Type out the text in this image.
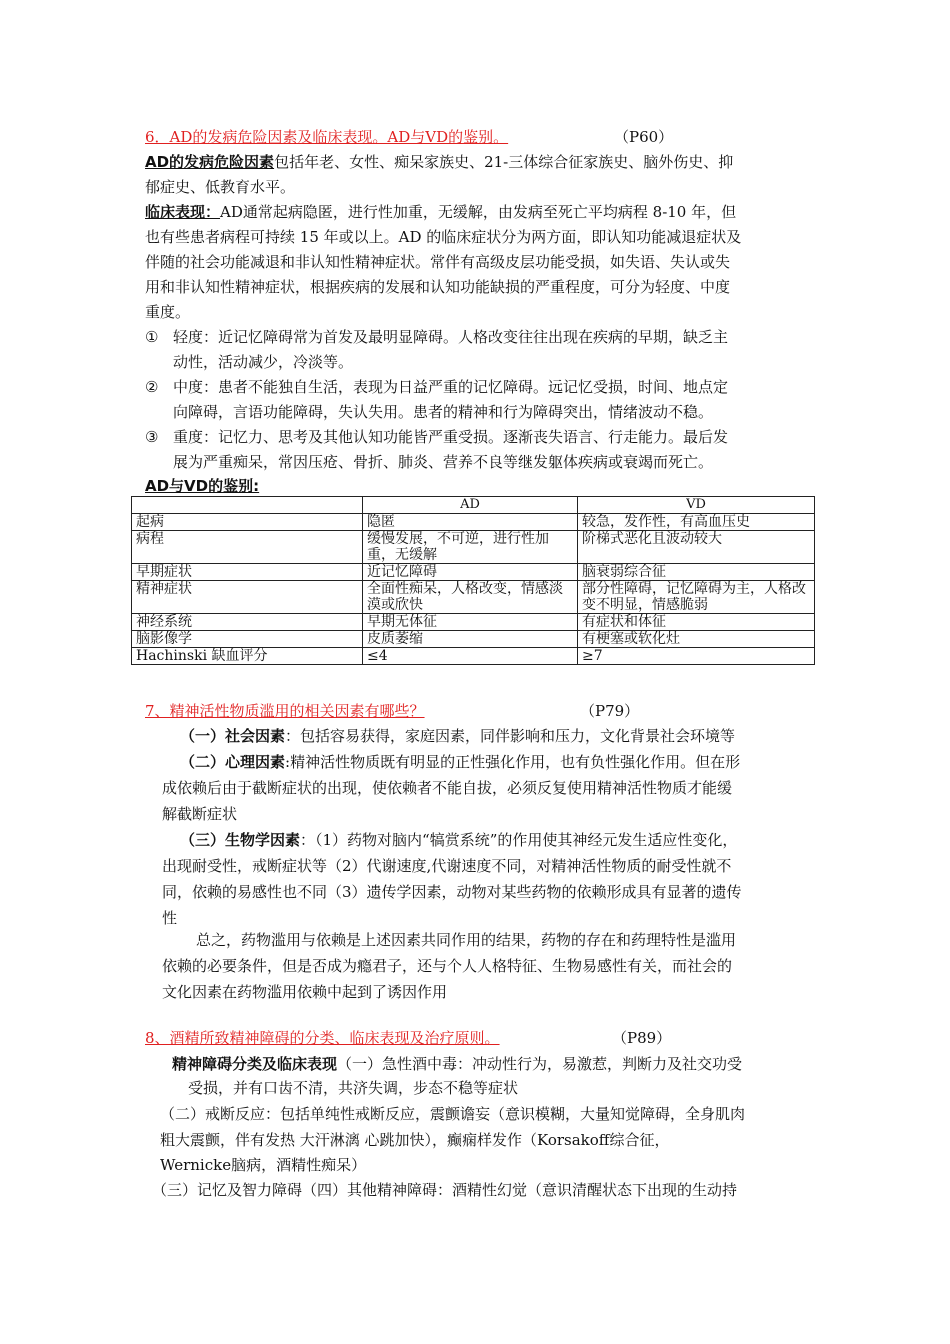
6．AD的发病危险因素及临床表现。AD与VD的鉴别。	（P60）
AD的发病危险因素包括年老、女性、痴呆家族史、21-三体综合征家族史、脑外伤史、抑
郁症史、低教育水平。
临床表现：AD通常起病隐匿，进行性加重，无缓解，由发病至死亡平均病程 8-10 年，但
也有些患者病程可持续 15 年或以上。AD 的临床症状分为两方面，即认知功能减退症状及
伴随的社会功能减退和非认知性精神症状。常伴有高级皮层功能受损，如失语、失认或失
用和非认知性精神症状，根据疾病的发展和认知功能缺损的严重程度，可分为轻度、中度
重度。
① 轻度：近记忆障碍常为首发及最明显障碍。人格改变往往出现在疾病的早期，缺乏主
动性，活动减少，冷淡等。
② 中度：患者不能独自生活，表现为日益严重的记忆障碍。远记忆受损，时间、地点定
向障碍，言语功能障碍，失认失用。患者的精神和行为障碍突出，情绪波动不稳。
③ 重度：记忆力、思考及其他认知功能皆严重受损。逐渐丧失语言、行走能力。最后发
展为严重痴呆，常因压疮、骨折、肺炎、营养不良等继发躯体疾病或衰竭而死亡。
AD与VD的鉴别:
	AD	VD
起病	隐匿	较急，发作性，有高血压史
病程	缓慢发展，不可逆，进行性加重，无缓解	阶梯式恶化且波动较大
早期症状	近记忆障碍	脑衰弱综合征
精神症状	全面性痴呆，人格改变，情感淡漠或欣快	部分性障碍，记忆障碍为主，人格改变不明显，情感脆弱
神经系统	早期无体征	有症状和体征
脑影像学	皮质萎缩	有梗塞或软化灶
Hachinski 缺血评分	≤4	≥7
7、精神活性物质滥用的相关因素有哪些？	（P79）
（一）社会因素：包括容易获得，家庭因素，同伴影响和压力，文化背景社会环境等
（二）心理因素:精神活性物质既有明显的正性强化作用，也有负性强化作用。但在形
成依赖后由于截断症状的出现，使依赖者不能自拔，必须反复使用精神活性物质才能缓
解截断症状
（三）生物学因素：（1）药物对脑内“犒赏系统”的作用使其神经元发生适应性变化，
出现耐受性，戒断症状等（2）代谢速度,代谢速度不同，对精神活性物质的耐受性就不
同，依赖的易感性也不同（3）遗传学因素，动物对某些药物的依赖形成具有显著的遗传
性
总之，药物滥用与依赖是上述因素共同作用的结果，药物的存在和药理特性是滥用
依赖的必要条件，但是否成为瘾君子，还与个人人格特征、生物易感性有关，而社会的
文化因素在药物滥用依赖中起到了诱因作用
8、酒精所致精神障碍的分类、临床表现及治疗原则。	（P89）
精神障碍分类及临床表现（一）急性酒中毒：冲动性行为，易激惹，判断力及社交功受
受损，并有口齿不清，共济失调，步态不稳等症状
（二）戒断反应：包括单纯性戒断反应，震颤谵妄（意识模糊，大量知觉障碍，全身肌肉
粗大震颤，伴有发热 大汗淋漓 心跳加快），癫痫样发作（Korsakoff综合征，
Wernicke脑病，酒精性痴呆）
（三）记忆及智力障碍（四）其他精神障碍：酒精性幻觉（意识清醒状态下出现的生动持
